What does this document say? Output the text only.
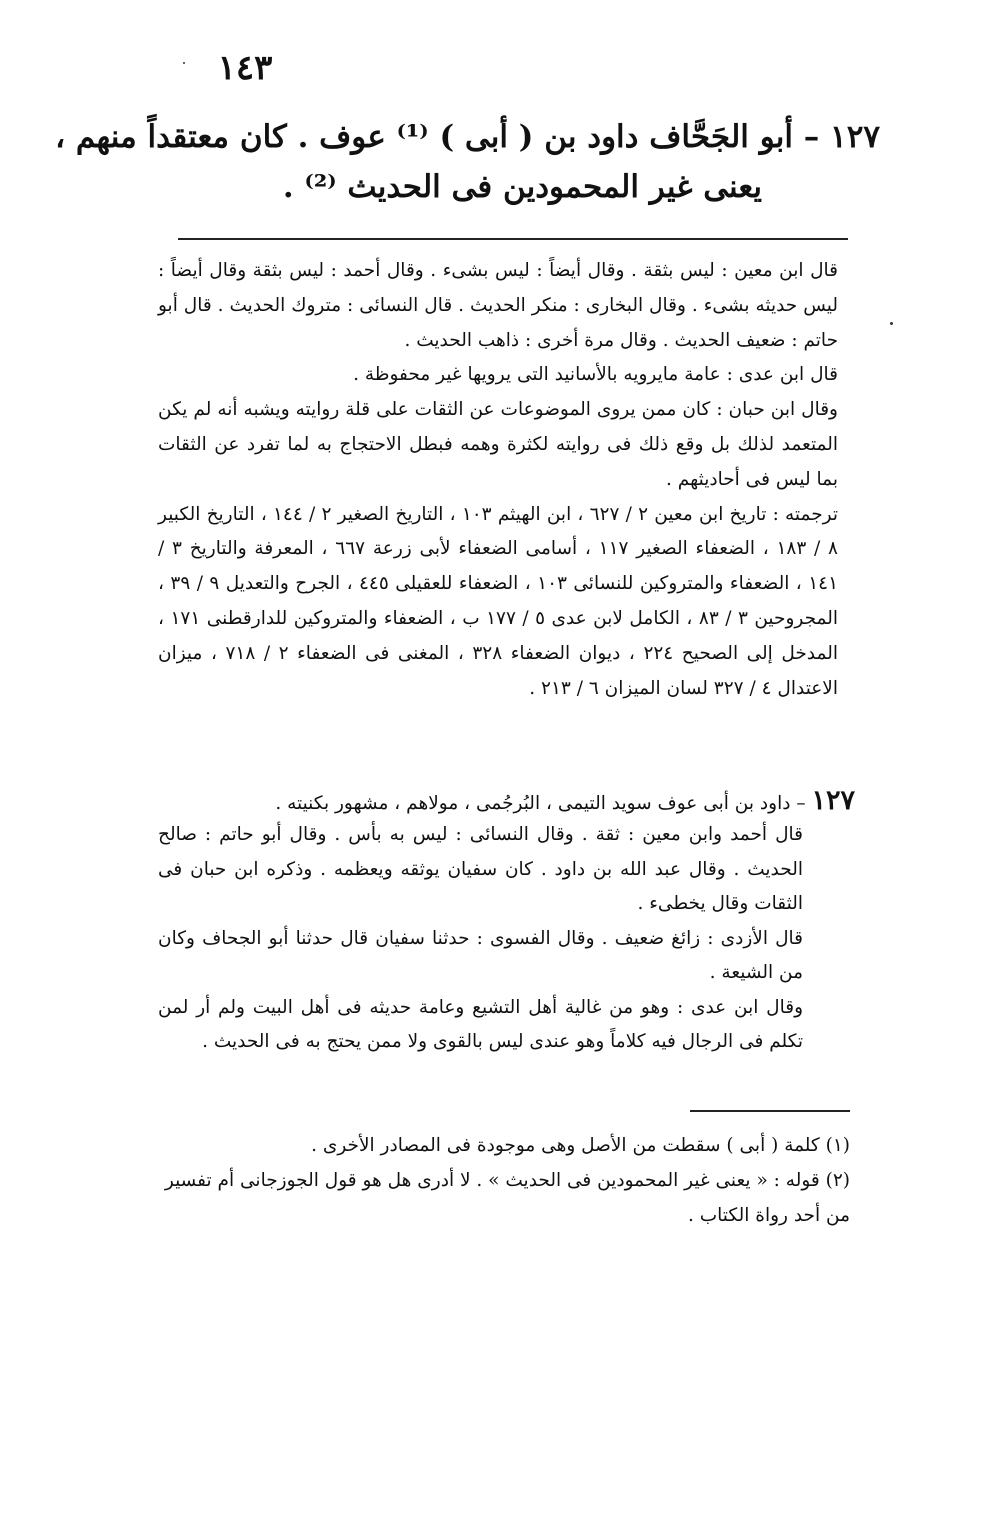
١٤٣
١٢٧ – أبو الجَحَّاف داود بن ( أبى ) ⁽¹⁾ عوف . كان معتقداً منهم ،
يعنى غير المحمودين فى الحديث ⁽²⁾ .

قال ابن معين : ليس بثقة . وقال أيضاً : ليس بشىء . وقال أحمد : ليس بثقة وقال أيضاً : ليس حديثه بشىء . وقال البخارى : منكر الحديث . قال النسائى : متروك الحديث . قال أبو حاتم : ضعيف الحديث . وقال مرة أخرى : ذاهب الحديث .

قال ابن عدى : عامة مايرويه بالأسانيد التى يرويها غير محفوظة .

وقال ابن حبان : كان ممن يروى الموضوعات عن الثقات على قلة روايته ويشبه أنه لم يكن المتعمد لذلك بل وقع ذلك فى روايته لكثرة وهمه فبطل الاحتجاج به لما تفرد عن الثقات بما ليس فى أحاديثهم .

ترجمته : تاريخ ابن معين ٢ / ٦٢٧ ، ابن الهيثم ١٠٣ ، التاريخ الصغير ٢ / ١٤٤ ، التاريخ الكبير ٨ / ١٨٣ ، الضعفاء الصغير ١١٧ ، أسامى الضعفاء لأبى زرعة ٦٦٧ ، المعرفة والتاريخ ٣ / ١٤١ ، الضعفاء والمتروكين للنسائى ١٠٣ ، الضعفاء للعقيلى ٤٤٥ ، الجرح والتعديل ٩ / ٣٩ ، المجروحين ٣ / ٨٣ ، الكامل لابن عدى ٥ / ١٧٧ ب ، الضعفاء والمتروكين للدارقطنى ١٧١ ، المدخل إلى الصحيح ٢٢٤ ، ديوان الضعفاء ٣٢٨ ، المغنى فى الضعفاء ٢ / ٧١٨ ، ميزان الاعتدال ٤ / ٣٢٧ لسان الميزان ٦ / ٢١٣ .

١٢٧ – داود بن أبى عوف سويد التيمى ، البُرجُمى ، مولاهم ، مشهور بكنيته .

قال أحمد وابن معين : ثقة . وقال النسائى : ليس به بأس . وقال أبو حاتم : صالح الحديث . وقال عبد الله بن داود . كان سفيان يوثقه ويعظمه . وذكره ابن حبان فى الثقات وقال يخطىء .

قال الأزدى : زائغ ضعيف . وقال الفسوى : حدثنا سفيان قال حدثنا أبو الجحاف وكان من الشيعة .

وقال ابن عدى : وهو من غالية أهل التشيع وعامة حديثه فى أهل البيت ولم أر لمن تكلم فى الرجال فيه كلاماً وهو عندى ليس بالقوى ولا ممن يحتج به فى الحديث .

(١) كلمة ( أبى ) سقطت من الأصل وهى موجودة فى المصادر الأخرى .

(٢) قوله : « يعنى غير المحمودين فى الحديث » . لا أدرى هل هو قول الجوزجانى أم تفسير من أحد رواة الكتاب .
